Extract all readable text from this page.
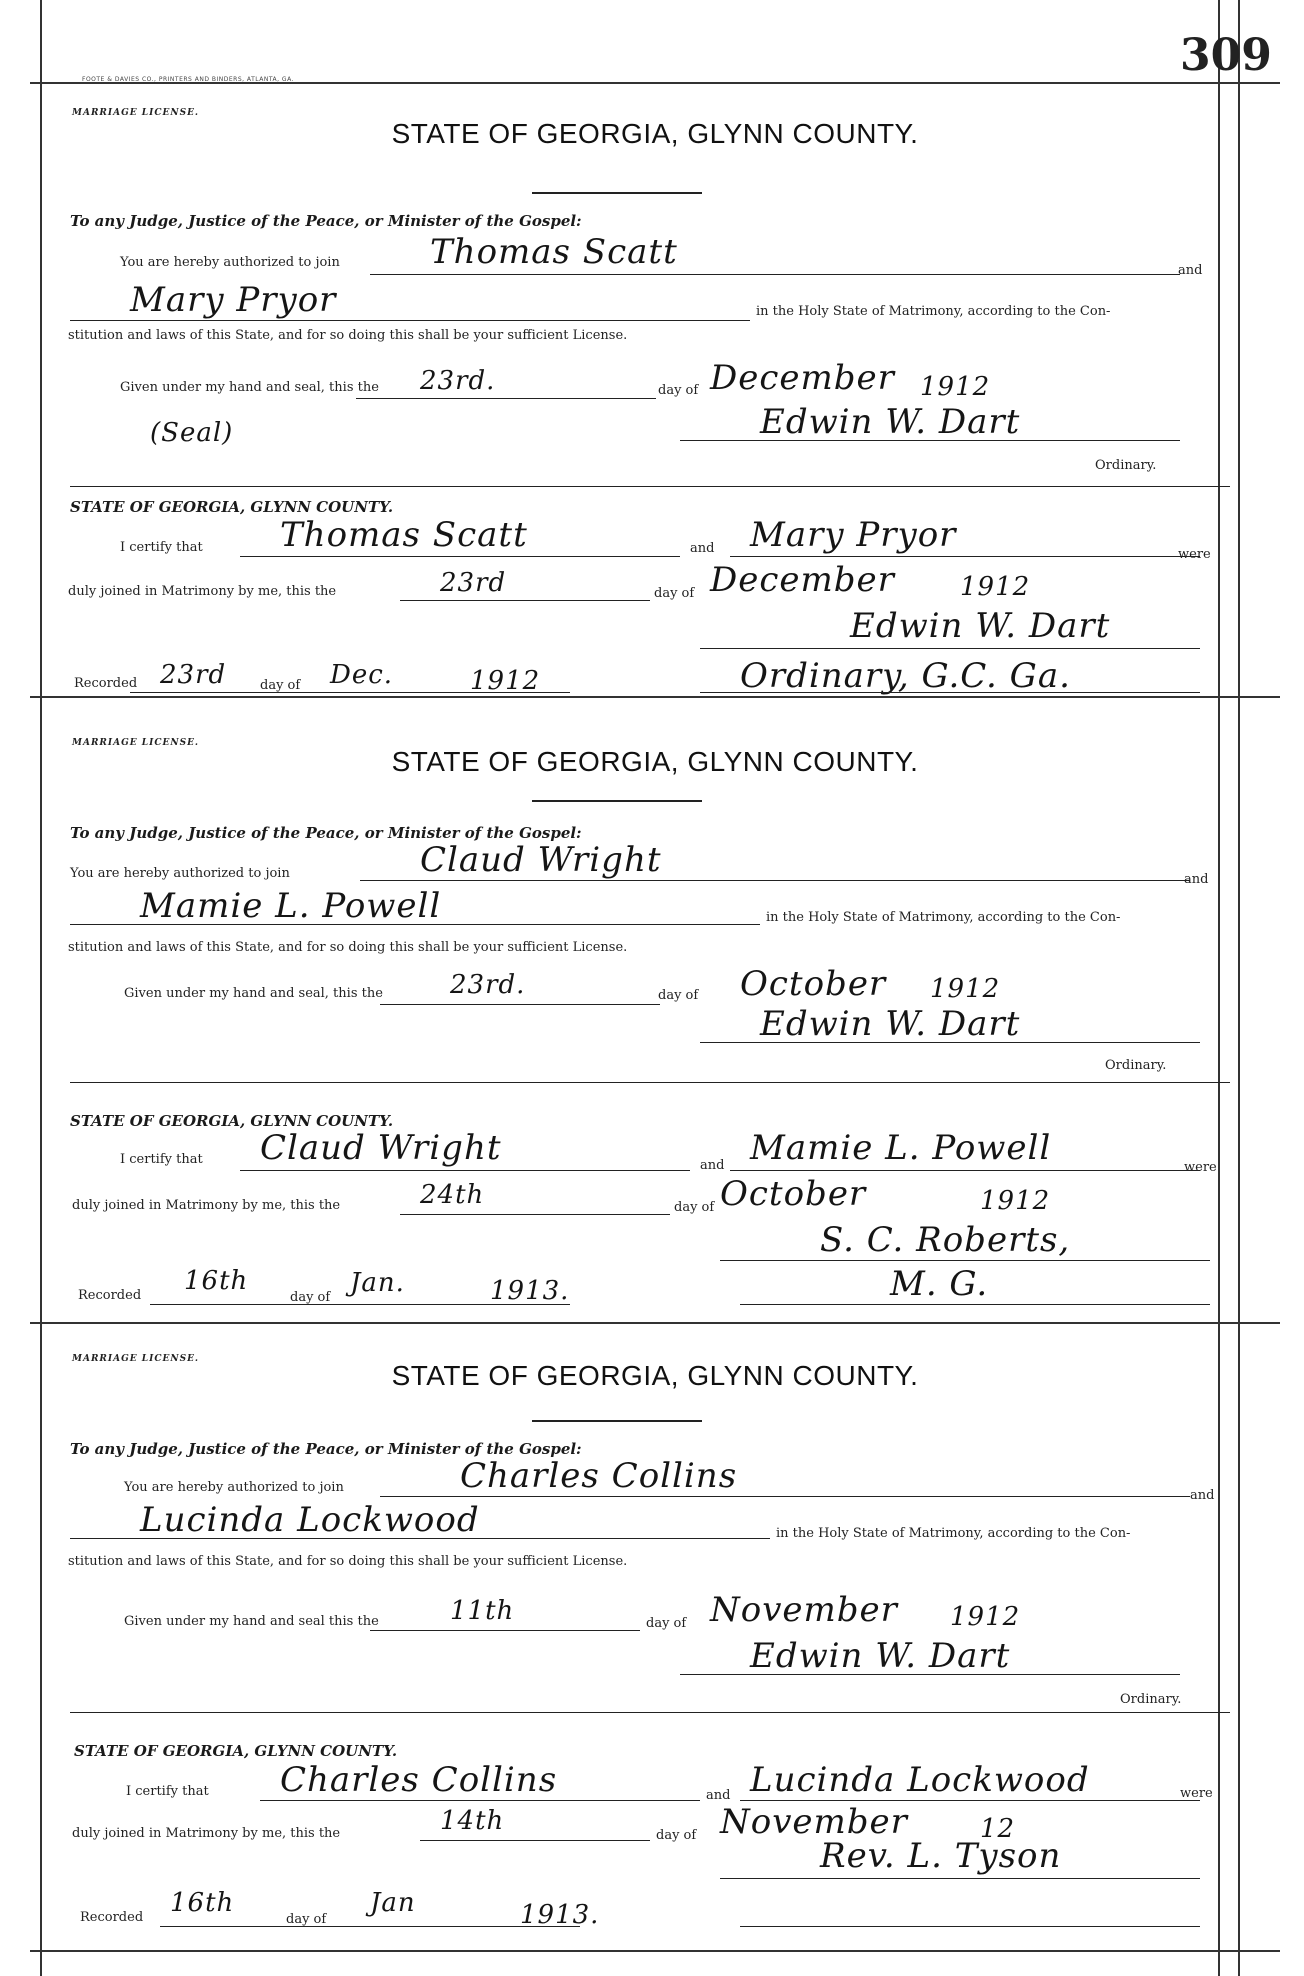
309
FOOTE & DAVIES CO., PRINTERS AND BINDERS, ATLANTA, GA.
MARRIAGE LICENSE.
STATE OF GEORGIA, GLYNN COUNTY.
To any Judge, Justice of the Peace, or Minister of the Gospel:
You are hereby authorized to join	Thomas Scatt	and
Mary Pryor	in the Holy State of Matrimony, according to the Con-
stitution and laws of this State, and for so doing this shall be your sufficient License.
Given under my hand and seal, this the 23rd.	day of December 1912
(Seal)	Edwin W. Dart
Ordinary.
STATE OF GEORGIA, GLYNN COUNTY.
I certify that Thomas Scatt	and Mary Pryor	were
duly joined in Matrimony by me, this the	23rd	day of December	1912
Edwin W. Dart
Recorded 23rd	day of Dec.	1912	Ordinary, G.C. Ga.
MARRIAGE LICENSE.
STATE OF GEORGIA, GLYNN COUNTY.
To any Judge, Justice of the Peace, or Minister of the Gospel:
You are hereby authorized to join	Claud Wright	and
Mamie L. Powell	in the Holy State of Matrimony, according to the Con-
stitution and laws of this State, and for so doing this shall be your sufficient License.
Given under my hand and seal, this the	23rd.	day of October 1912
Edwin W. Dart
Ordinary.
STATE OF GEORGIA, GLYNN COUNTY.
I certify that Claud Wright	and Mamie L. Powell	were
duly joined in Matrimony by me, this the	24th	day of October	1912
S. C. Roberts,
Recorded 16th
day of Jan.	1913.	M. G.
MARRIAGE LICENSE.
STATE OF GEORGIA, GLYNN COUNTY.
To any Judge, Justice of the Peace, or Minister of the Gospel:
You are hereby authorized to join	Charles Collins	and
Lucinda Lockwood	in the Holy State of Matrimony, according to the Con-
stitution and laws of this State, and for so doing this shall be your sufficient License.
Given under my hand and seal this the	11th	day of November 1912
Edwin W. Dart
Ordinary.
STATE OF GEORGIA, GLYNN COUNTY.
I certify that Charles Collins	and Lucinda Lockwood	were
duly joined in Matrimony by me, this the	14th	day of November	12
Rev. L. Tyson
Recorded 16th
day of
Jan	1913.
